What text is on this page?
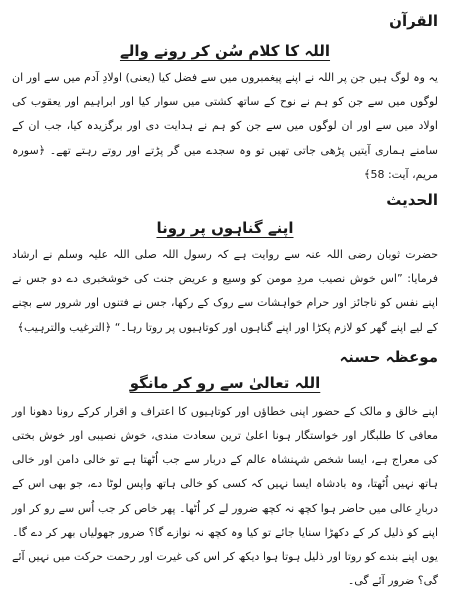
القرآن
اللہ کا کلام سُن کر رونے والے

یہ وہ لوگ ہیں جن پر اللہ نے اپنے پیغمبروں میں سے فضل کیا (یعنی) اولادِ آدم میں سے اور ان لوگوں میں سے جن کو ہم نے نوح کے ساتھ کشتی میں سوار کیا اور ابراہیم اور یعقوب کی اولاد میں سے اور ان لوگوں میں سے جن کو ہم نے ہدایت دی اور برگزیدہ کیا، جب ان کے سامنے ہماری آیتیں پڑھی جاتی تھیں تو وہ سجدے میں گر پڑتے اور روتے رہتے تھے۔ ﴿سورہ مریم، آیت: 58﴾

الحدیث
اپنے گناہوں پر رونا

حضرت ثوبان رضی اللہ عنہ سے روایت ہے کہ رسول اللہ صلی اللہ علیہ وسلم نے ارشاد فرمایا: ”اس خوش نصیب مردِ مومن کو وسیع و عریض جنت کی خوشخبری دے دو جس نے اپنے نفس کو ناجائز اور حرام خواہشات سے روک کے رکھا، جس نے فتنوں اور شرور سے بچنے کے لیے اپنے گھر کو لازم پکڑا اور اپنے گناہوں اور کوتاہیوں پر روتا رہا۔“ ﴿الترغیب والترہیب﴾

موعظہ حسنہ
اللہ تعالیٰ سے رو کر مانگو

اپنے خالق و مالک کے حضور اپنی خطاؤں اور کوتاہیوں کا اعتراف و اقرار کرکے رونا دھونا اور معافی کا طلبگار اور خواستگار ہونا اعلیٰ ترین سعادت مندی، خوش نصیبی اور خوش بختی کی معراج ہے، ایسا شخص شہنشاہ عالم کے دربار سے جب اُٹھتا ہے تو خالی دامن اور خالی ہاتھ نہیں اُٹھتا، وہ بادشاہ ایسا نہیں کہ کسی کو خالی ہاتھ واپس لوٹا دے، جو بھی اس کے دربارِ عالی میں حاضر ہوا کچھ نہ کچھ ضرور لے کر اُٹھا۔ پھر خاص کر جب اُس سے رو کر اور اپنے کو ذلیل کر کے دکھڑا سنایا جائے تو کیا وہ کچھ نہ نوازے گا؟ ضرور جھولیاں بھر کر دے گا۔ یوں اپنے بندے کو روتا اور ذلیل ہوتا ہوا دیکھ کر اس کی غیرت اور رحمت حرکت میں نہیں آئے گی؟ ضرور آئے گی۔
